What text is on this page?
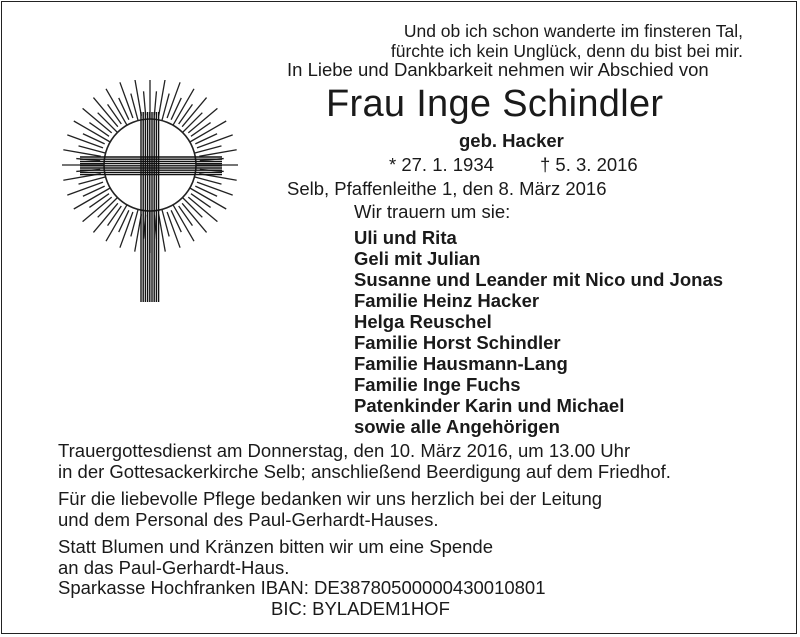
Und ob ich schon wanderte im finsteren Tal,
fürchte ich kein Unglück, denn du bist bei mir.
In Liebe und Dankbarkeit nehmen wir Abschied von
Frau Inge Schindler
geb. Hacker
* 27. 1. 1934 † 5. 3. 2016
Selb, Pfaffenleithe 1, den 8. März 2016
Wir trauern um sie:
Uli und Rita
Geli mit Julian
Susanne und Leander mit Nico und Jonas
Familie Heinz Hacker
Helga Reuschel
Familie Horst Schindler
Familie Hausmann-Lang
Familie Inge Fuchs
Patenkinder Karin und Michael
sowie alle Angehörigen
Trauergottesdienst am Donnerstag, den 10. März 2016, um 13.00 Uhr
in der Gottesackerkirche Selb; anschließend Beerdigung auf dem Friedhof.
Für die liebevolle Pflege bedanken wir uns herzlich bei der Leitung
und dem Personal des Paul-Gerhardt-Hauses.
Statt Blumen und Kränzen bitten wir um eine Spende
an das Paul-Gerhardt-Haus.
Sparkasse Hochfranken IBAN: DE38780500000430010801
BIC: BYLADEM1HOF
